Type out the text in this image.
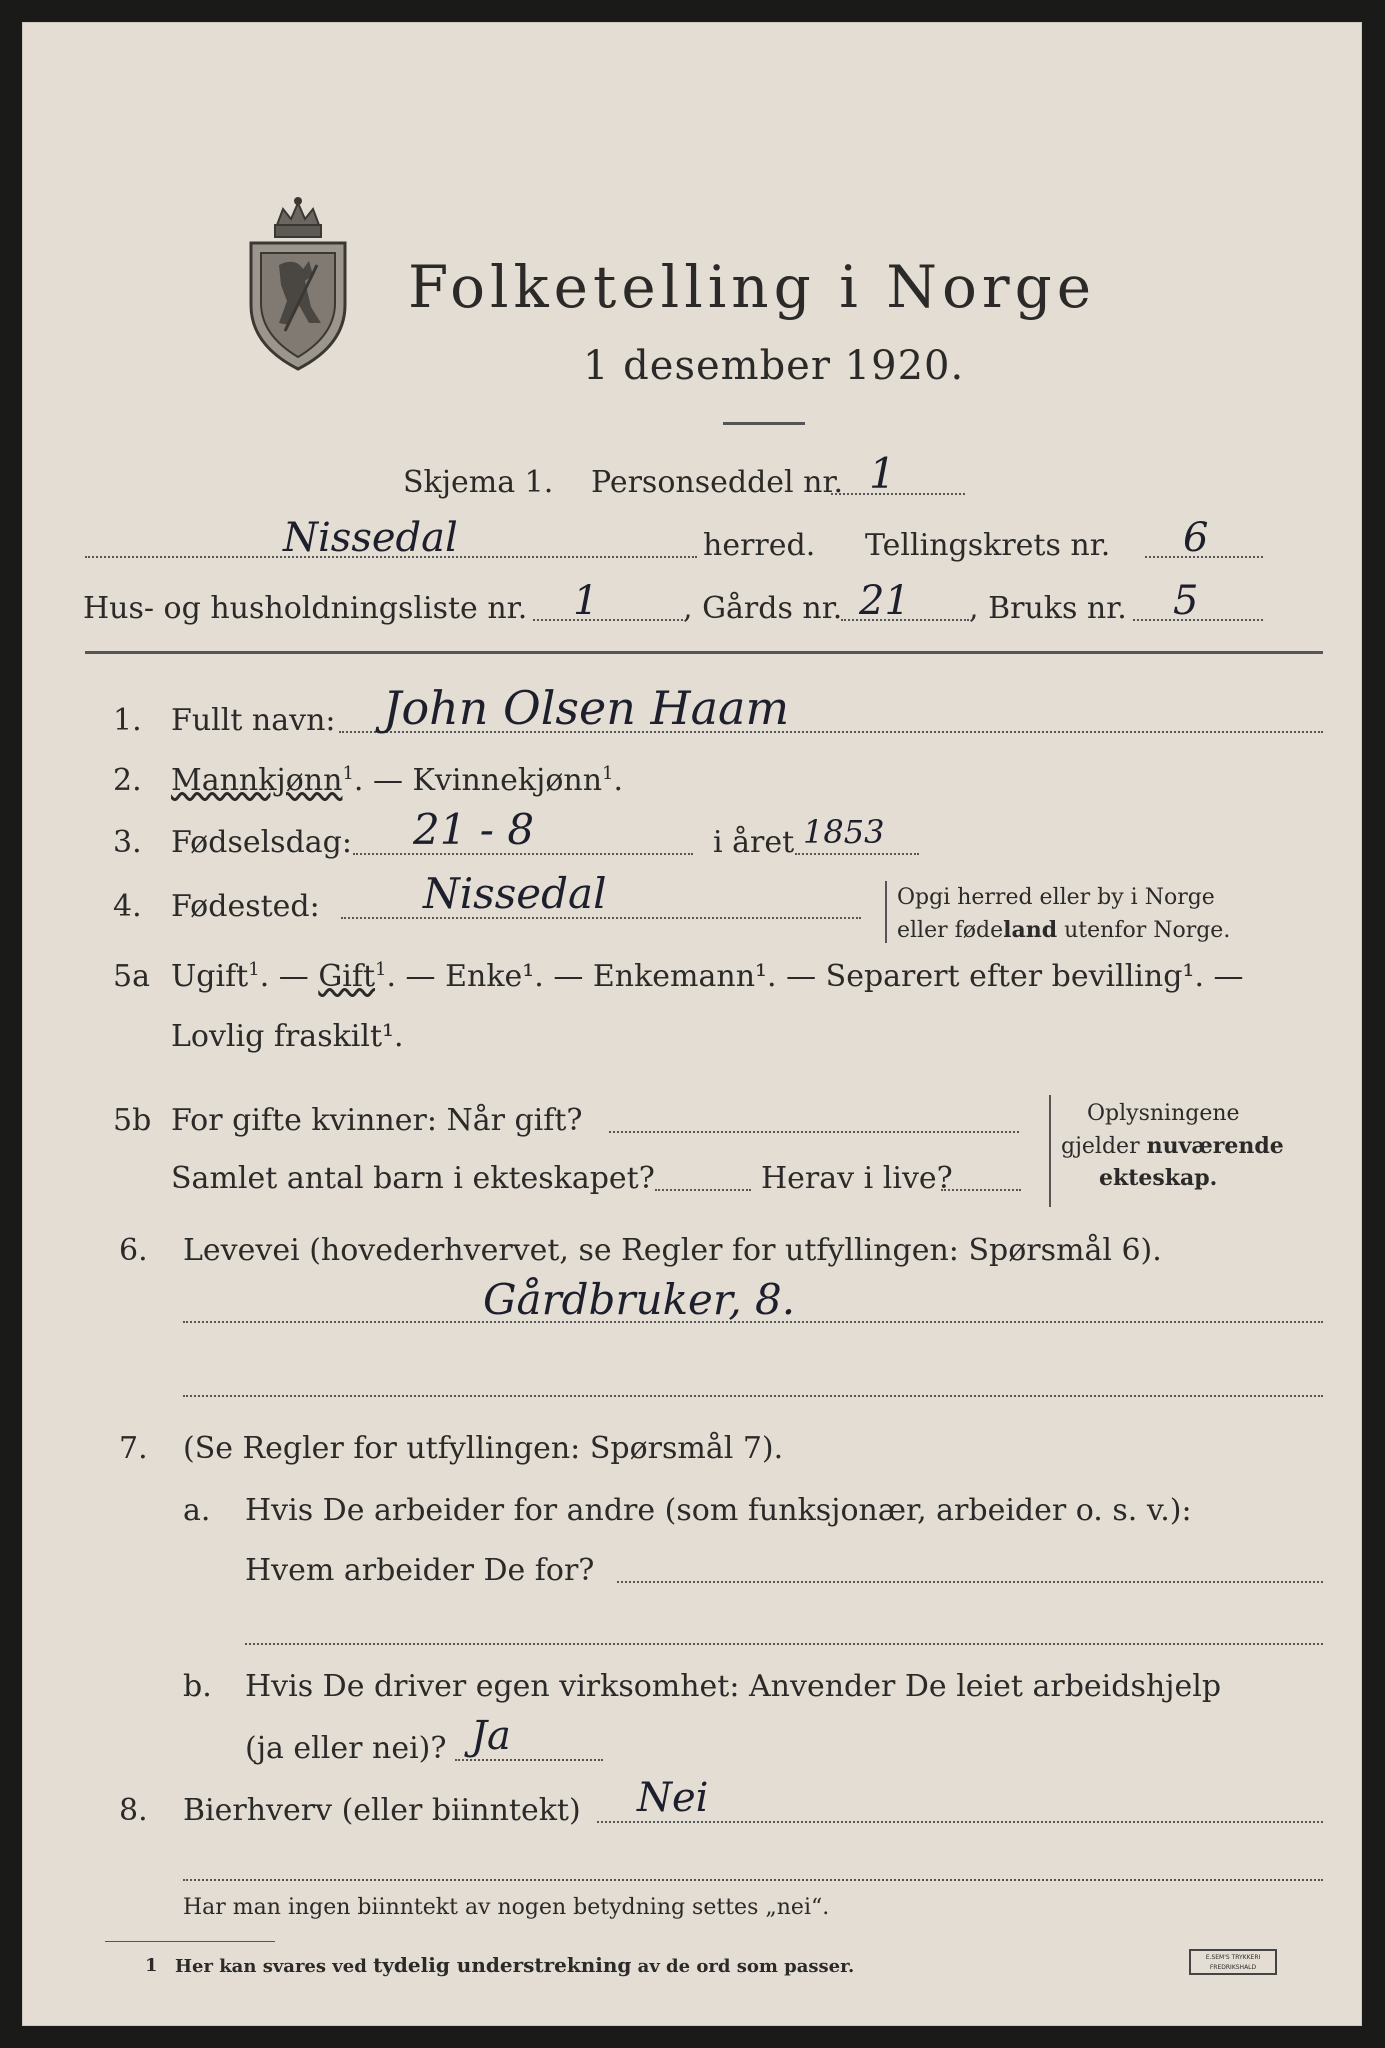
Folketelling i Norge
1 desember 1920.
Skjema 1. Personseddel nr. 1
Nissedal	herred. Tellingskrets nr. 6
Hus- og husholdningsliste nr. 1	, Gårds nr. 21 , Bruks nr. 5
1. Fullt navn: John Olsen Haam
2. Mannkjønn$^1$. — Kvinnekjønn$^1$.
3. Fødselsdag: 21 - 8	i året 1853
4. Fødested: Nissedal	Opgi herred eller by i Norge
eller fødeland utenfor Norge.
5a Ugift$^1$. — Gift$^1$. — Enke¹. — Enkemann¹. — Separert efter bevilling¹. —
Lovlig fraskilt¹.
5b For gifte kvinner: Når gift?
Samlet antal barn i ekteskapet?	Herav i live?
Oplysningene
gjelder nuværende
ekteskap.
6. Levevei (hovederhvervet, se Regler for utfyllingen: Spørsmål 6).
Gårdbruker, 8.
7. (Se Regler for utfyllingen: Spørsmål 7).
a. Hvis De arbeider for andre (som funksjonær, arbeider o. s. v.):
Hvem arbeider De for?
b. Hvis De driver egen virksomhet: Anvender De leiet arbeidshjelp
(ja eller nei)? Ja
8. Bierhverv (eller biinntekt) Nei
Har man ingen biinntekt av nogen betydning settes „nei“.
1 Her kan svares ved tydelig understrekning av de ord som passer.	E.SEM'S TRYKKERI FREDRIKSHALD
